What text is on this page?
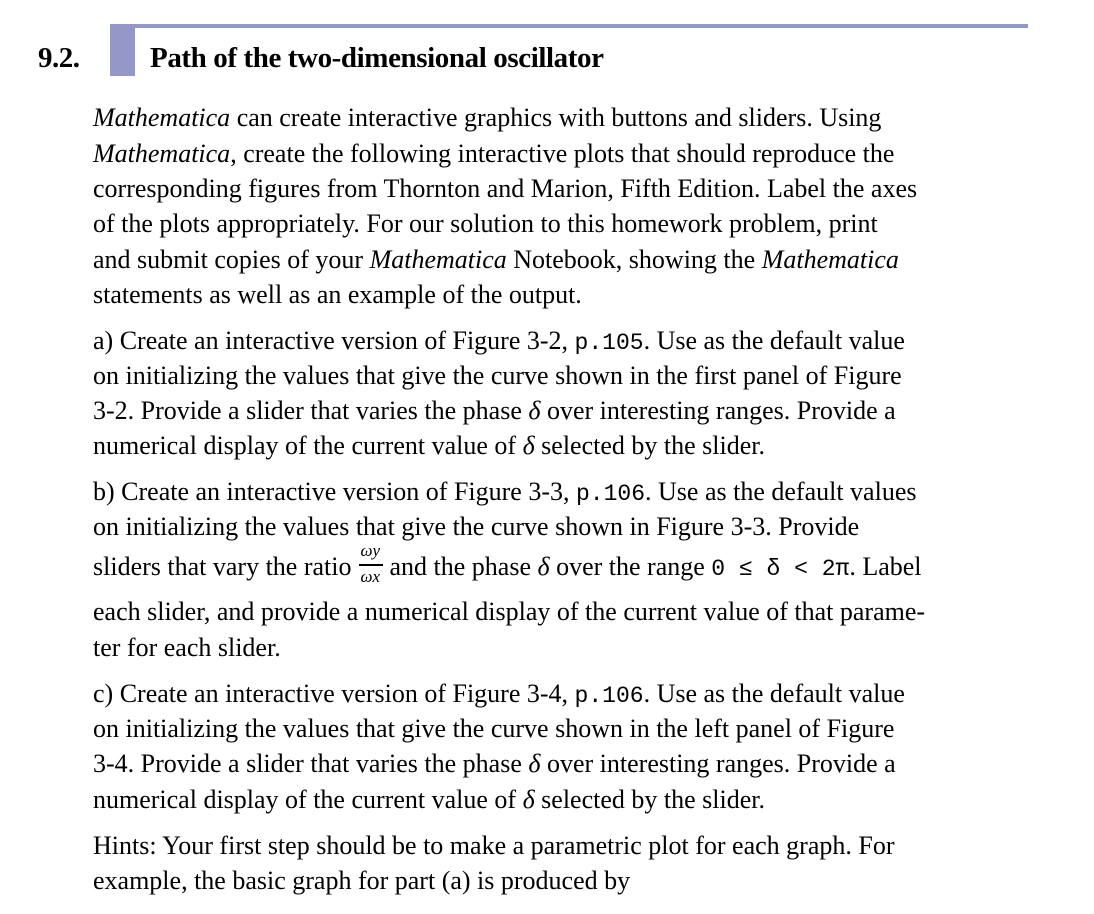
9.2. Path of the two-dimensional oscillator
Mathematica can create interactive graphics with buttons and sliders. Using
Mathematica, create the following interactive plots that should reproduce the
corresponding figures from Thornton and Marion, Fifth Edition. Label the axes
of the plots appropriately. For our solution to this homework problem, print
and submit copies of your Mathematica Notebook, showing the Mathematica
statements as well as an example of the output.
a) Create an interactive version of Figure 3-2, p.105. Use as the default value
on initializing the values that give the curve shown in the first panel of Figure
3-2. Provide a slider that varies the phase δ over interesting ranges. Provide a
numerical display of the current value of δ selected by the slider.
b) Create an interactive version of Figure 3-3, p.106. Use as the default values
on initializing the values that give the curve shown in Figure 3-3. Provide
sliders that vary the ratio $\frac{\omega y}{\omega x}$ and the phase δ over the range 0 ≤ δ < 2π. Label
each slider, and provide a numerical display of the current value of that parame-
ter for each slider.
c) Create an interactive version of Figure 3-4, p.106. Use as the default value
on initializing the values that give the curve shown in the left panel of Figure
3-4. Provide a slider that varies the phase δ over interesting ranges. Provide a
numerical display of the current value of δ selected by the slider.
Hints: Your first step should be to make a parametric plot for each graph. For
example, the basic graph for part (a) is produced by
